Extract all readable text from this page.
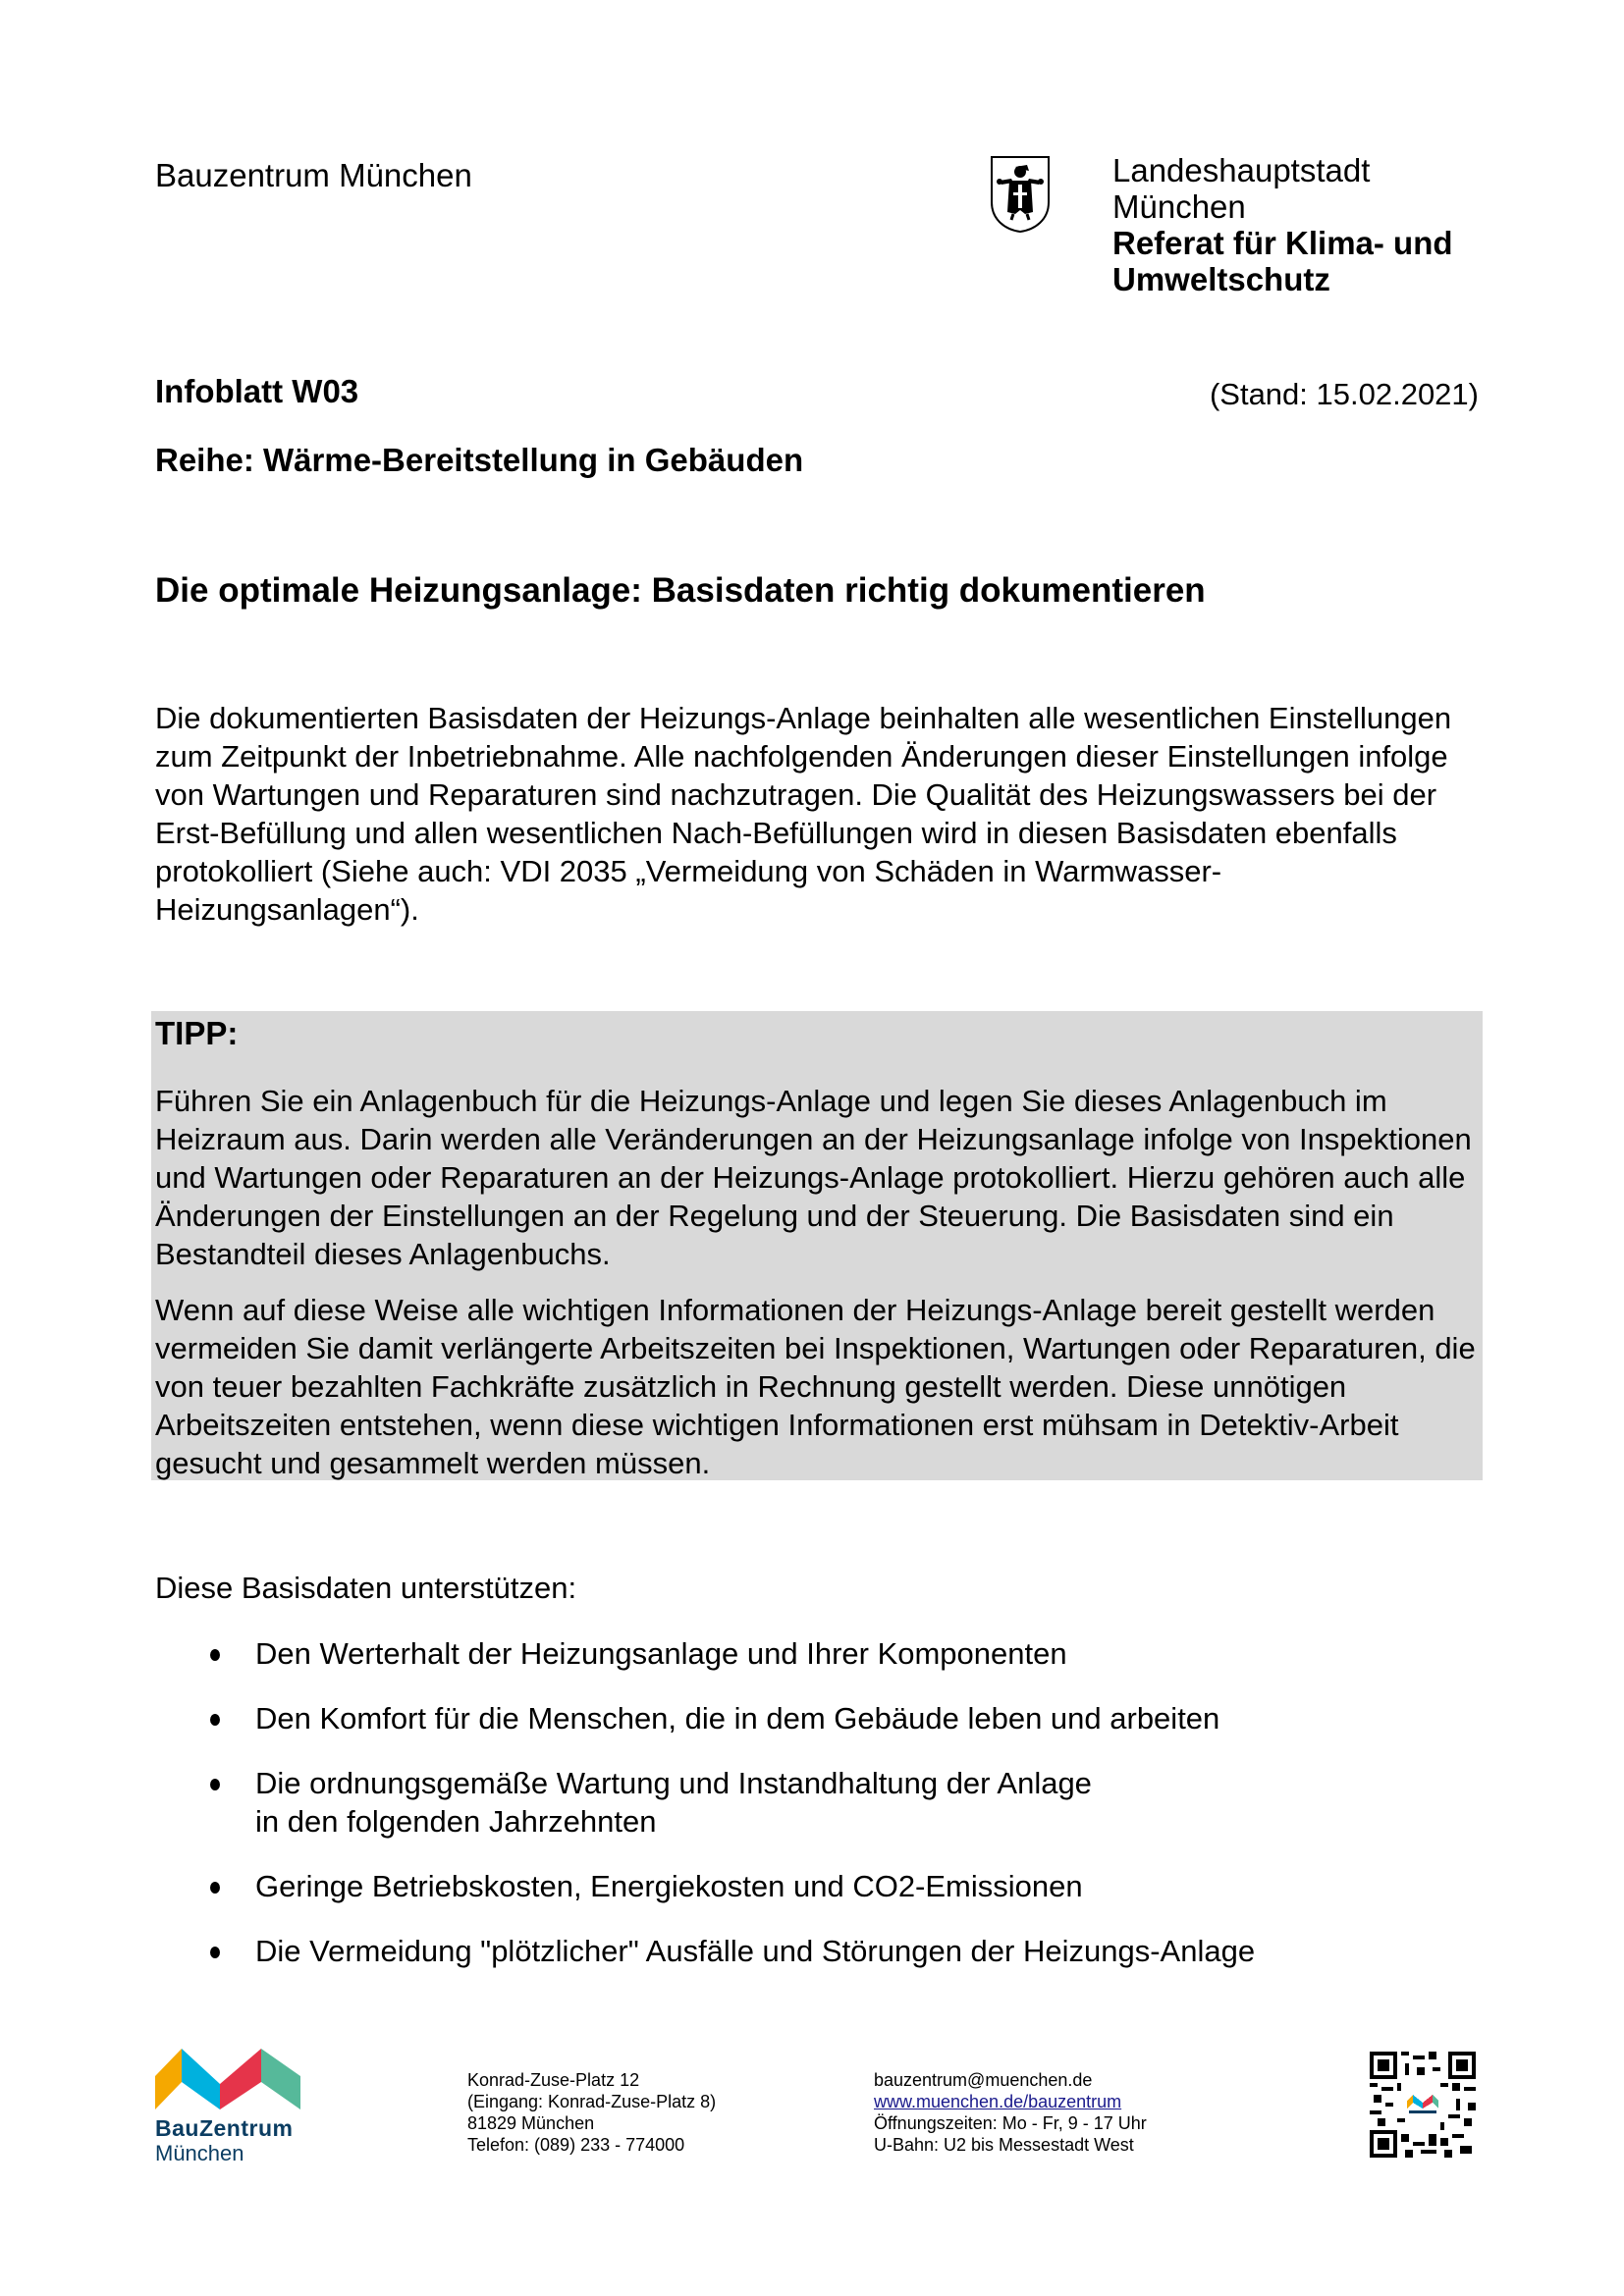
Bauzentrum München	Landeshauptstadt
München
Referat für Klima- und
Umweltschutz
Infoblatt W03	(Stand: 15.02.2021)
Reihe: Wärme-Bereitstellung in Gebäuden
Die optimale Heizungsanlage: Basisdaten richtig dokumentieren

Die dokumentierten Basisdaten der Heizungs-Anlage beinhalten alle wesentlichen Einstellungen zum Zeitpunkt der Inbetriebnahme. Alle nachfolgenden Änderungen dieser Einstellungen infolge von Wartungen und Reparaturen sind nachzutragen. Die Qualität des Heizungswassers bei der Erst-Befüllung und allen wesentlichen Nach-Befüllungen wird in diesen Basisdaten ebenfalls protokolliert (Siehe auch: VDI 2035 „Vermeidung von Schäden in Warmwasser-Heizungsanlagen“).

TIPP:

Führen Sie ein Anlagenbuch für die Heizungs-Anlage und legen Sie dieses Anlagenbuch im Heizraum aus. Darin werden alle Veränderungen an der Heizungsanlage infolge von Inspektionen und Wartungen oder Reparaturen an der Heizungs-Anlage protokolliert. Hierzu gehören auch alle Änderungen der Einstellungen an der Regelung und der Steuerung. Die Basisdaten sind ein Bestandteil dieses Anlagenbuchs.

Wenn auf diese Weise alle wichtigen Informationen der Heizungs-Anlage bereit gestellt werden vermeiden Sie damit verlängerte Arbeitszeiten bei Inspektionen, Wartungen oder Reparaturen, die von teuer bezahlten Fachkräfte zusätzlich in Rechnung gestellt werden. Diese unnötigen Arbeitszeiten entstehen, wenn diese wichtigen Informationen erst mühsam in Detektiv-Arbeit gesucht und gesammelt werden müssen.

Diese Basisdaten unterstützen:
Den Werterhalt der Heizungsanlage und Ihrer Komponenten
Den Komfort für die Menschen, die in dem Gebäude leben und arbeiten
Die ordnungsgemäße Wartung und Instandhaltung der Anlage in den folgenden Jahrzehnten
Geringe Betriebskosten, Energiekosten und CO2-Emissionen
Die Vermeidung "plötzlicher" Ausfälle und Störungen der Heizungs-Anlage
BauZentrum
München
Konrad-Zuse-Platz 12
(Eingang: Konrad-Zuse-Platz 8)
81829 München
Telefon: (089) 233 - 774000
bauzentrum@muenchen.de
www.muenchen.de/bauzentrum
Öffnungszeiten: Mo - Fr, 9 - 17 Uhr
U-Bahn: U2 bis Messestadt West
